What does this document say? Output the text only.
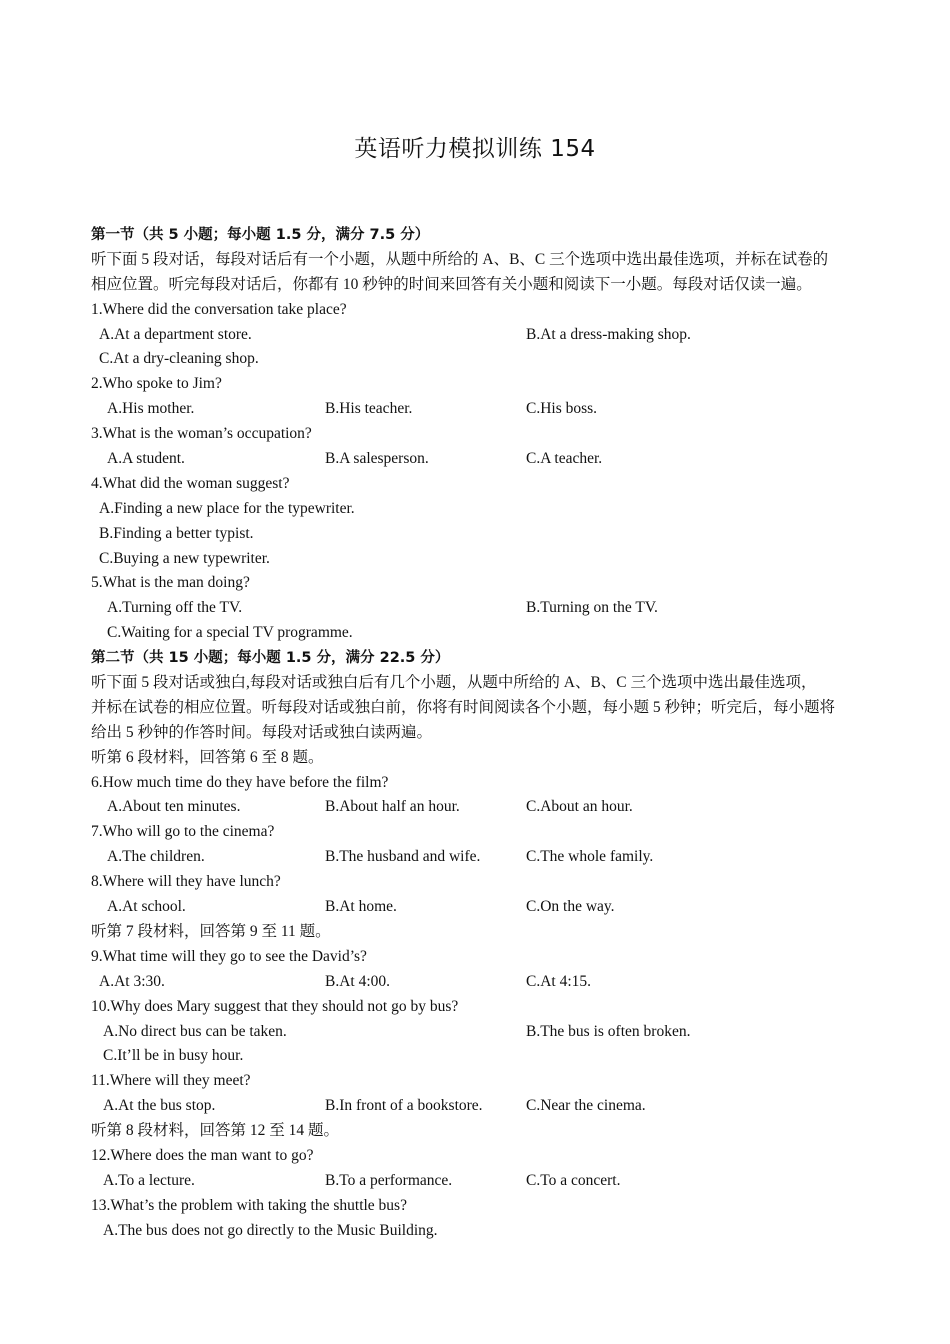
英语听力模拟训练 154
第一节（共 5 小题；每小题 1.5 分，满分 7.5 分）
听下面 5 段对话，每段对话后有一个小题，从题中所给的 A、B、C 三个选项中选出最佳选项，并标在试卷的
相应位置。听完每段对话后，你都有 10 秒钟的时间来回答有关小题和阅读下一小题。每段对话仅读一遍。
1.Where did the conversation take place?
A.At a department store.	B.At a dress-making shop.
C.At a dry-cleaning shop.
2.Who spoke to Jim?
A.His mother.	B.His teacher.	C.His boss.
3.What is the woman’s occupation?
A.A student.	B.A salesperson.	C.A teacher.
4.What did the woman suggest?
A.Finding a new place for the typewriter.
B.Finding a better typist.
C.Buying a new typewriter.
5.What is the man doing?
A.Turning off the TV.	B.Turning on the TV.
C.Waiting for a special TV programme.
第二节（共 15 小题；每小题 1.5 分，满分 22.5 分）
听下面 5 段对话或独白,每段对话或独白后有几个小题，从题中所给的 A、B、C 三个选项中选出最佳选项，
并标在试卷的相应位置。听每段对话或独白前，你将有时间阅读各个小题，每小题 5 秒钟；听完后，每小题将
给出 5 秒钟的作答时间。每段对话或独白读两遍。
听第 6 段材料，回答第 6 至 8 题。
6.How much time do they have before the film?
A.About ten minutes.	B.About half an hour.	C.About an hour.
7.Who will go to the cinema?
A.The children.	B.The husband and wife.	C.The whole family.
8.Where will they have lunch?
A.At school.	B.At home.	C.On the way.
听第 7 段材料，回答第 9 至 11 题。
9.What time will they go to see the David’s?
A.At 3:30.	B.At 4:00.	C.At 4:15.
10.Why does Mary suggest that they should not go by bus?
A.No direct bus can be taken.	B.The bus is often broken.
C.It’ll be in busy hour.
11.Where will they meet?
A.At the bus stop.	B.In front of a bookstore.	C.Near the cinema.
听第 8 段材料，回答第 12 至 14 题。
12.Where does the man want to go?
A.To a lecture.	B.To a performance.	C.To a concert.
13.What’s the problem with taking the shuttle bus?
A.The bus does not go directly to the Music Building.
